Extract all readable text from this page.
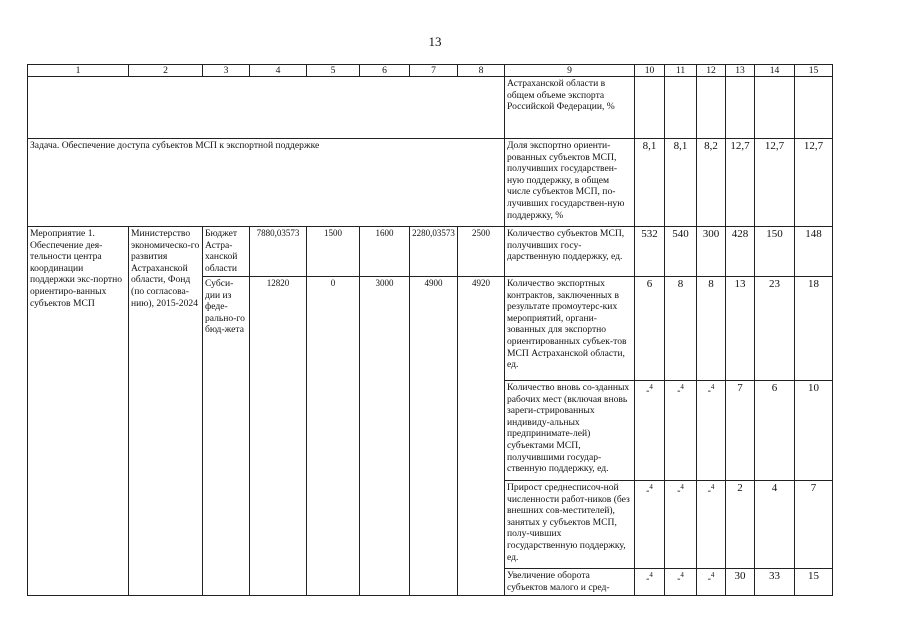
13
1	2	3	4	5	6	7	8	9	10	11	12	13	14	15
								Астраханской области в общем объеме экспорта Российской Федерации, %						
Задача. Обеспечение доступа субъектов МСП к экспортной поддержке								Доля экспортно ориенти-рованных субъектов МСП, получивших государствен-ную поддержку, в общем числе субъектов МСП, по-лучивших государствен-ную поддержку, %	8,1	8,1	8,2	12,7	12,7	12,7
Мероприятие 1. Обеспечение дея-тельности центра координации поддержки экс-портно ориентиро-ванных субъектов МСП	Министерство экономическо-го развития Астраханской области, Фонд (по согласова-нию), 2015-2024	Бюджет Астра-ханской области	7880,03573	1500	1600	2280,03573	2500	Количество субъектов МСП, получивших госу-дарственную поддержку, ед.	532	540	300	428	150	148
		Субси-дии из феде-рально-го бюд-жета	12820	0	3000	4900	4920	Количество экспортных контрактов, заключенных в результате промоутерс-ких мероприятий, органи-зованных для экспортно ориентированных субъек-тов МСП Астраханской области, ед.	6	8	8	13	23	18
								Количество вновь со-зданных рабочих мест (включая вновь зареги-стрированных индивиду-альных предпринимате-лей) субъектами МСП, получившими государ-ственную поддержку, ед.	-$^4$	-$^4$	-$^4$	7	6	10
								Прирост среднесписоч-ной численности работ-ников (без внешних сов-местителей), занятых у субъектов МСП, полу-чивших государственную поддержку, ед.	-$^4$	-$^4$	-$^4$	2	4	7
								Увеличение оборота субъектов малого и сред-	-$^4$	-$^4$	-$^4$	30	33	15
